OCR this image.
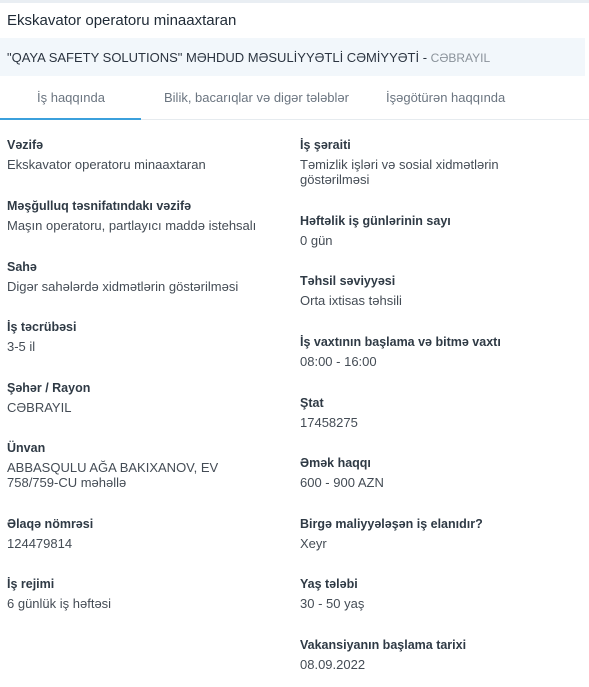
Ekskavator operatoru minaaxtaran
"QAYA SAFETY SOLUTIONS" MƏHDUD MƏSULİYYƏTLİ CƏMİYYƏTİ - CƏBRAYIL
İş haqqında	Bilik, bacarıqlar və digər tələblər	İşəgötürən haqqında
Vəzifə
Ekskavator operatoru minaaxtaran
Məşğulluq təsnifatındakı vəzifə
Maşın operatoru, partlayıcı maddə istehsalı
Sahə
Digər sahələrdə xidmətlərin göstərilməsi
İş təcrübəsi
3-5 il
Şəhər / Rayon
CƏBRAYIL
Ünvan
ABBASQULU AĞA BAKIXANOV, EV 758/759-CU məhəllə
Əlaqə nömrəsi
124479814
İş rejimi
6 günlük iş həftəsi
İş şəraiti
Təmizlik işləri və sosial xidmətlərin göstərilməsi
Həftəlik iş günlərinin sayı
0 gün
Təhsil səviyyəsi
Orta ixtisas təhsili
İş vaxtının başlama və bitmə vaxtı
08:00 - 16:00
Ştat
17458275
Əmək haqqı
600 - 900 AZN
Birgə maliyyələşən iş elanıdır?
Xeyr
Yaş tələbi
30 - 50 yaş
Vakansiyanın başlama tarixi
08.09.2022
